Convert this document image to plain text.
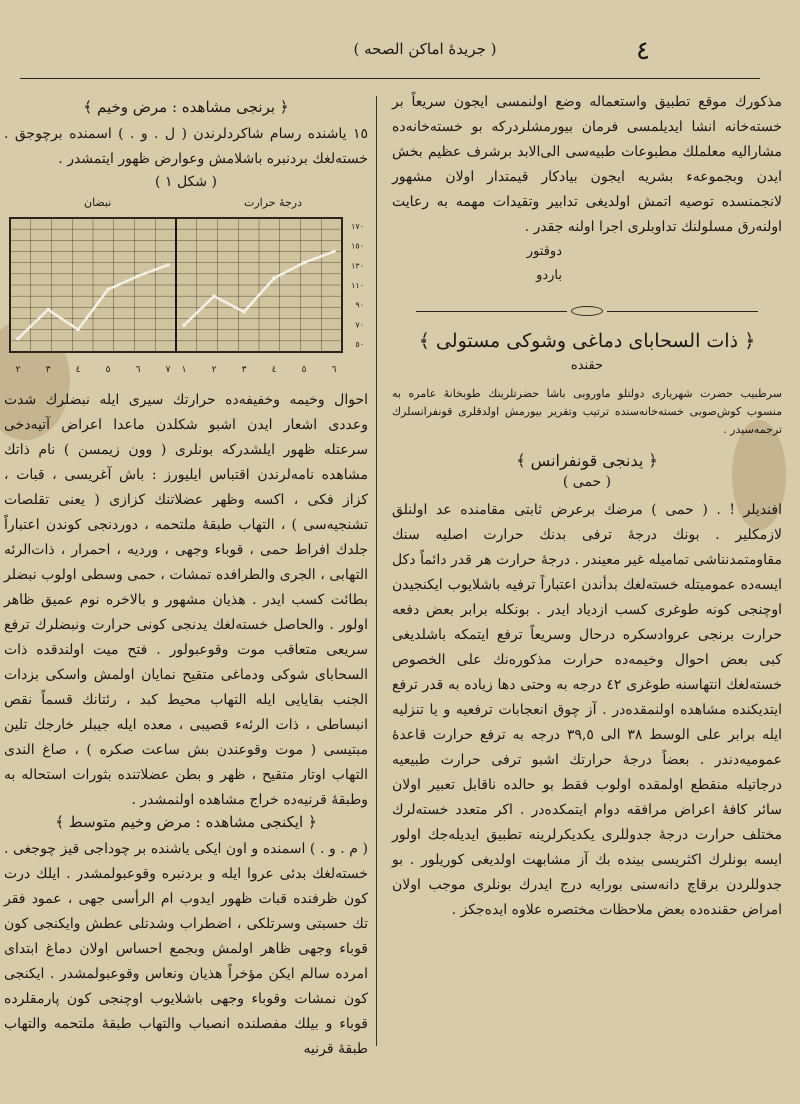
( جريدهٔ اماكن الصحه )	٤

مذكورك موقع تطبيق واستعماله وضع اولنمسى ايجون سريعاً بر خسته‌خانه انشا ايديلمسى فرمان بيورمشلردركه بو خسته‌خانه‌ده مشاراليه معلملك مطبوعات طبيه‌سى الى‌الابد برشرف عظيم بخش ايدن وبجموعه‌ء بشريه ايجون بيادكار قيمتدار اولان مشهور لانجمنسده توصيه اتمش اولديغى تدابير وتقيدات مهمه به رعايت اولنه‌رق مسلولنك تداوبلرى اجرا اولنه جقدر .

دوقتور
باردو
﴿ ذات السحاباى دماغى وشوكى مستولى ﴾
حقنده

سرطبيب حضرت شهريارى دولتلو ماوروبى باشا حضرتلرينك طوبخانهٔ عامره به منسوب كوش‌صوبى خسته‌خانه‌سنده ترتيب وتقرير بيورمش اولدقلرى قونفرانسلرك ترجمه‌سيدر .

﴿ يدنجى قونفرانس ﴾
( حمى )

افنديلر ! . ( حمى ) مرضك برعرض ثابتى مقامنده عد اولنلق لازمكلير . بونك درجهٔ ترفى بدنك حرارت اصليه سنك مقاومتمدنناشى تماميله غير معيندر . درجهٔ حرارت هر قدر دائماً دكل ايسه‌ده عموميتله خسته‌لغك بدأندن اعتباراً ترفيه باشلايوب ايكنجيدن اوچنجى كونه طوغرى كسب ازدياد ايدر . بونكله برابر بعض دفعه حرارت برنجى عروادسكره درحال وسريعاً ترفع ايتمكه باشلديغى كبى بعض احوال وخيمه‌ده حرارت مذكوره‌نك على الخصوص خسته‌لغك انتهاسنه طوغرى ٤٢ درجه به وحتى دها زياده به قدر ترفع ايتديكنده مشاهده اولنمقده‌در . آز چوق انعجابات ترفعيه و يا تنزليه ايله برابر على الوسط ٣٨ الى ٣٩,٥ درجه به ترفع حرارت قاعدهٔ عموميه‌دندر . بعضاً درجهٔ حرارتك اشبو ترفى حرارت طبيعيه درجاتيله منقطع اولمقده اولوب فقط بو حالده ناقابل تعبير اولان سائر كافهٔ اعراض مرافقه دوام ايتمكده‌در . اكر متعدد خسته‌لرك مختلف حرارت درجهٔ جدوللرى يكديكرلرينه تطبيق ايديله‌جك اولور ايسه بونلرك اكثريسى بينده بك آز مشابهت اولديغى كوريلور . بو جدوللردن برقاچ دانه‌سنى بورايه درج ايدرك بونلرى موجب اولان امراض حقنده‌ده بعض ملاحظات مختصره علاوه ايده‌جكز .

﴿ برنجى مشاهده : مرض وخيم ﴾

١٥ ياشنده رسام شاكردلرندن ( ل . و . ) اسمنده برچوجق . خسته‌لغك بردنبره باشلامش وعوارض ظهور ايتمشدر .

( شكل ١ )
درجهٔ حرارت
نبضان
١٧٠
١٥٠
١٣٠
١١٠
٩٠
٧٠
٥٠
٢	٣	٤	٥	٦	٧ ١	٢	٣	٤	٥	٦

احوال وخيمه وخفيفه‌ده حرارتك سيرى ايله نبضلرك شدت وعددى اشعار ايدن اشبو شكلدن ماعدا اعراض آتيه‌دخى سرعتله ظهور ايلشدركه بونلرى ( وون زيمسن ) نام ذاتك مشاهده نامه‌لرندن اقتباس ايليورز : باش آغريسى ، قبات ، كزاز فكى ، اكسه وظهر عضلاتنك كزازى ( يعنى تقلصات تشنجيه‌سى ) ، التهاب طبقهٔ ملتحمه ، دوردنجى كوندن اعتباراً جلدك افراط حمى ، قوباء وجهى ، ورديه ، احمرار ، ذات‌الرئه التهابى ، الجرى والطرافده تمشات ، حمى وسطى اولوب نبضلر بطائت كسب ايدر . هذيان مشهور و بالاخره نوم عميق ظاهر اولور . والحاصل خسته‌لغك يدنجى كونى حرارت ونبضلرك ترفع سريعى متعاقب موت وقوعبولور . فتح ميت اولندقده ذات السحاباى شوكى ودماغى متقيح نمايان اولمش واسكى بزدات الجنب بقايايى ايله التهاب محيط كبد ، رئتانك قسماً نقص انبساطى ، ذات الرئه‌ء قصيبى ، معده ايله جيبلر خارجك تلين مبتيسى ( موت وقوعندن بش ساعت صكره ) ، صاغ الندى التهاب اوتار متقيح ، ظهر و بطن عضلاتنده بثورات استحاله به وطبقهٔ قرنيه‌ده خراج مشاهده اولنمشدر .

﴿ ايكنجى مشاهده : مرض وخيم متوسط ﴾

( م . و . ) اسمنده و اون ايكى ياشنده بر چوداجى قيز چوجغى . خسته‌لغك بدئى عروا ايله و بردنبره وقوعبولمشدر . ايلك درت كون ظرفنده قبات ظهور ايدوب ام الرأسى جهى ، عمود فقر تك حسبتى وسرتلكى ، اضطراب وشدتلى عطش وايكنجى كون قوباء وجهى ظاهر اولمش وبجمع احساس اولان دماغ ابتداى امرده سالم ايكن مؤخراً هذيان ونعاس وقوعبولمشدر . ايكنجى كون نمشات وقوباء وجهى باشلايوب اوچنجى كون پارمقلرده قوباء و بيلك مفصلنده انصباب والتهاب طبقهٔ ملتحمه والتهاب طبقهٔ قرنيه
